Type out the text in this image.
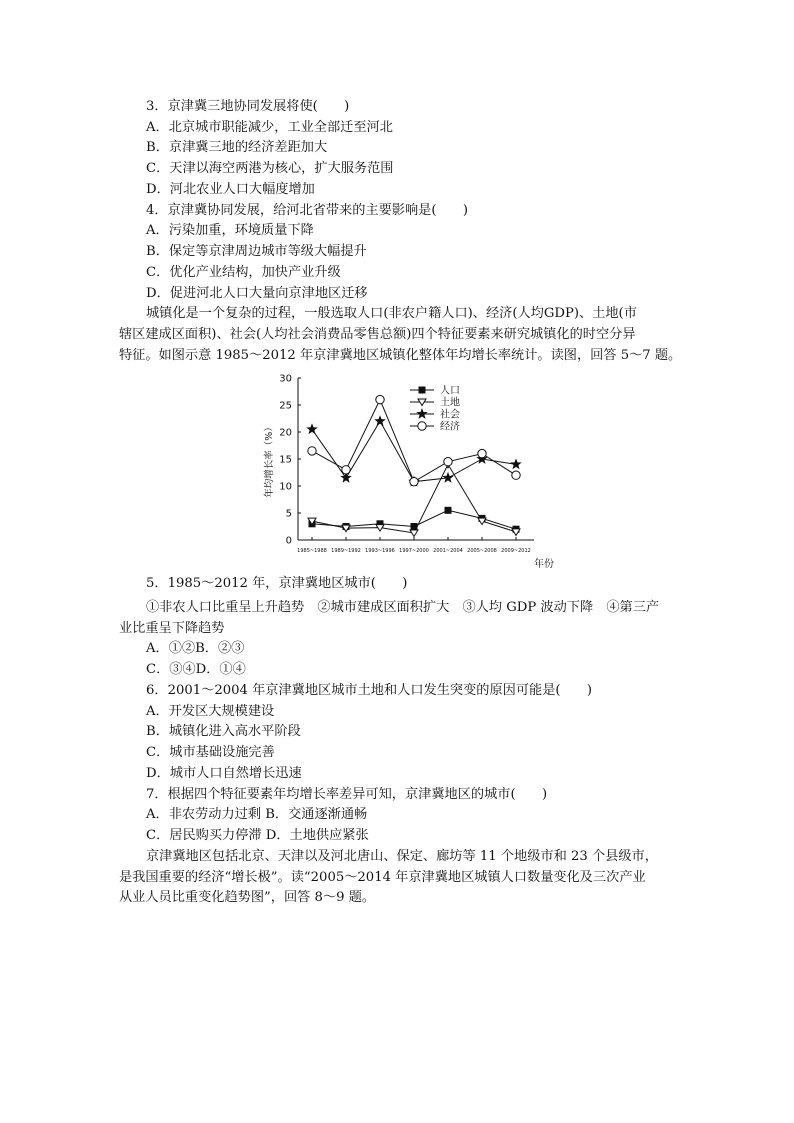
3．京津冀三地协同发展将使(　　)
A．北京城市职能减少，工业全部迁至河北
B．京津冀三地的经济差距加大
C．天津以海空两港为核心，扩大服务范围
D．河北农业人口大幅度增加
4．京津冀协同发展，给河北省带来的主要影响是(　　)
A．污染加重，环境质量下降
B．保定等京津周边城市等级大幅提升
C．优化产业结构，加快产业升级
D．促进河北人口大量向京津地区迁移
城镇化是一个复杂的过程，一般选取人口(非农户籍人口)、经济(人均GDP)、土地(市
辖区建成区面积)、社会(人均社会消费品零售总额)四个特征要素来研究城镇化的时空分异
特征。如图示意 1985～2012 年京津冀地区城镇化整体年均增长率统计。读图，回答 5～7 题。
年均增长率（%）
年份
0
5
10
15
20
25
30
1985~1988 1989~1992 1993~1996 1997~2000 2001~2004 2005~2008 2009~2012
人口
土地
社会
经济
5．1985～2012 年，京津冀地区城市(　　)
①非农人口比重呈上升趋势　②城市建成区面积扩大　③人均 GDP 波动下降　④第三产
业比重呈下降趋势
A．①②B．②③
C．③④D．①④
6．2001～2004 年京津冀地区城市土地和人口发生突变的原因可能是(　　)
A．开发区大规模建设
B．城镇化进入高水平阶段
C．城市基础设施完善
D．城市人口自然增长迅速
7．根据四个特征要素年均增长率差异可知，京津冀地区的城市(　　)
A．非农劳动力过剩 B．交通逐渐通畅
C．居民购买力停滞 D．土地供应紧张
京津冀地区包括北京、天津以及河北唐山、保定、廊坊等 11 个地级市和 23 个县级市，
是我国重要的经济“增长极”。读“2005～2014 年京津冀地区城镇人口数量变化及三次产业
从业人员比重变化趋势图”，回答 8～9 题。
